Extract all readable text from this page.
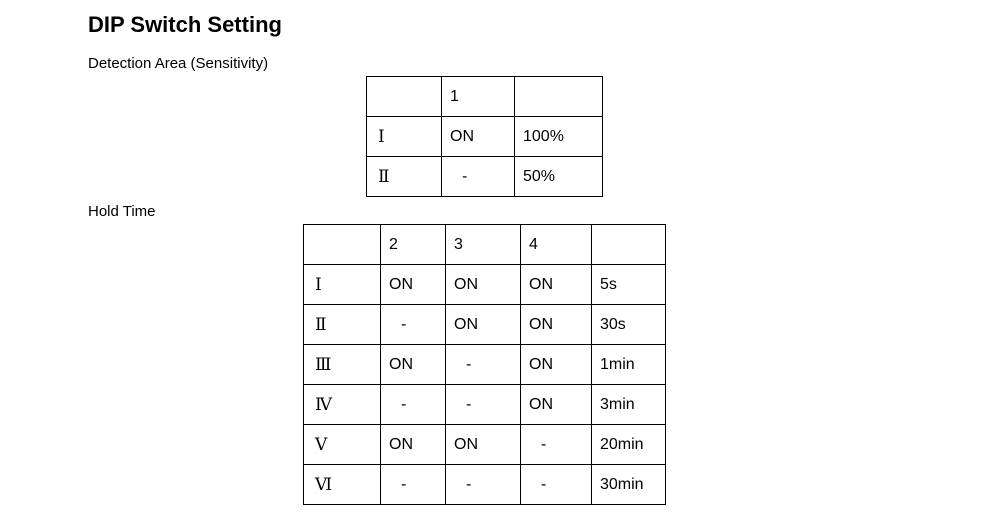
DIP Switch Setting

Detection Area (Sensitivity)

	1	
Ⅰ	ON	100%
Ⅱ	-	50%

Hold Time

	2	3	4	
Ⅰ	ON	ON	ON	5s
Ⅱ	-	ON	ON	30s
Ⅲ	ON	-	ON	1min
Ⅳ	-	-	ON	3min
Ⅴ	ON	ON	-	20min
Ⅵ	-	-	-	30min
